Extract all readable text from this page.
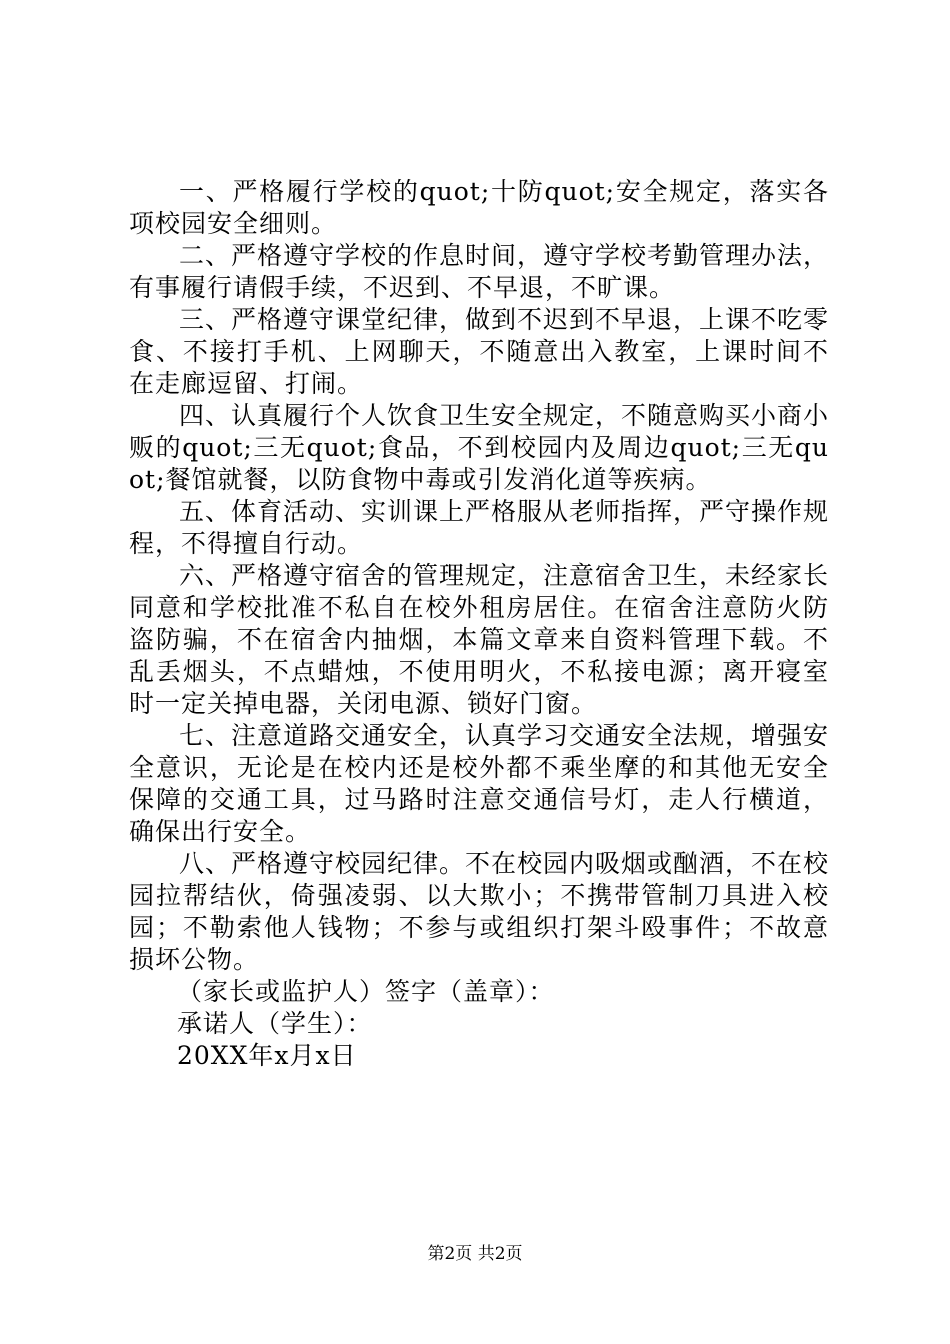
一、严格履行学校的quot;十防quot;安全规定，落实各项校园安全细则。

二、严格遵守学校的作息时间，遵守学校考勤管理办法，有事履行请假手续，不迟到、不早退，不旷课。

三、严格遵守课堂纪律，做到不迟到不早退，上课不吃零食、不接打手机、上网聊天，不随意出入教室，上课时间不在走廊逗留、打闹。

四、认真履行个人饮食卫生安全规定，不随意购买小商小贩的quot;三无quot;食品，不到校园内及周边quot;三无quot;餐馆就餐，以防食物中毒或引发消化道等疾病。

五、体育活动、实训课上严格服从老师指挥，严守操作规程，不得擅自行动。

六、严格遵守宿舍的管理规定，注意宿舍卫生，未经家长同意和学校批准不私自在校外租房居住。在宿舍注意防火防盗防骗，不在宿舍内抽烟，本篇文章来自资料管理下载。不乱丢烟头，不点蜡烛，不使用明火，不私接电源；离开寝室时一定关掉电器，关闭电源、锁好门窗。

七、注意道路交通安全，认真学习交通安全法规，增强安全意识，无论是在校内还是校外都不乘坐摩的和其他无安全保障的交通工具，过马路时注意交通信号灯，走人行横道，确保出行安全。

八、严格遵守校园纪律。不在校园内吸烟或酗酒，不在校园拉帮结伙，倚强凌弱、以大欺小；不携带管制刀具进入校园；不勒索他人钱物；不参与或组织打架斗殴事件；不故意损坏公物。

（家长或监护人）签字（盖章）：

承诺人（学生）：

20XX年x月x日

第2页 共2页
